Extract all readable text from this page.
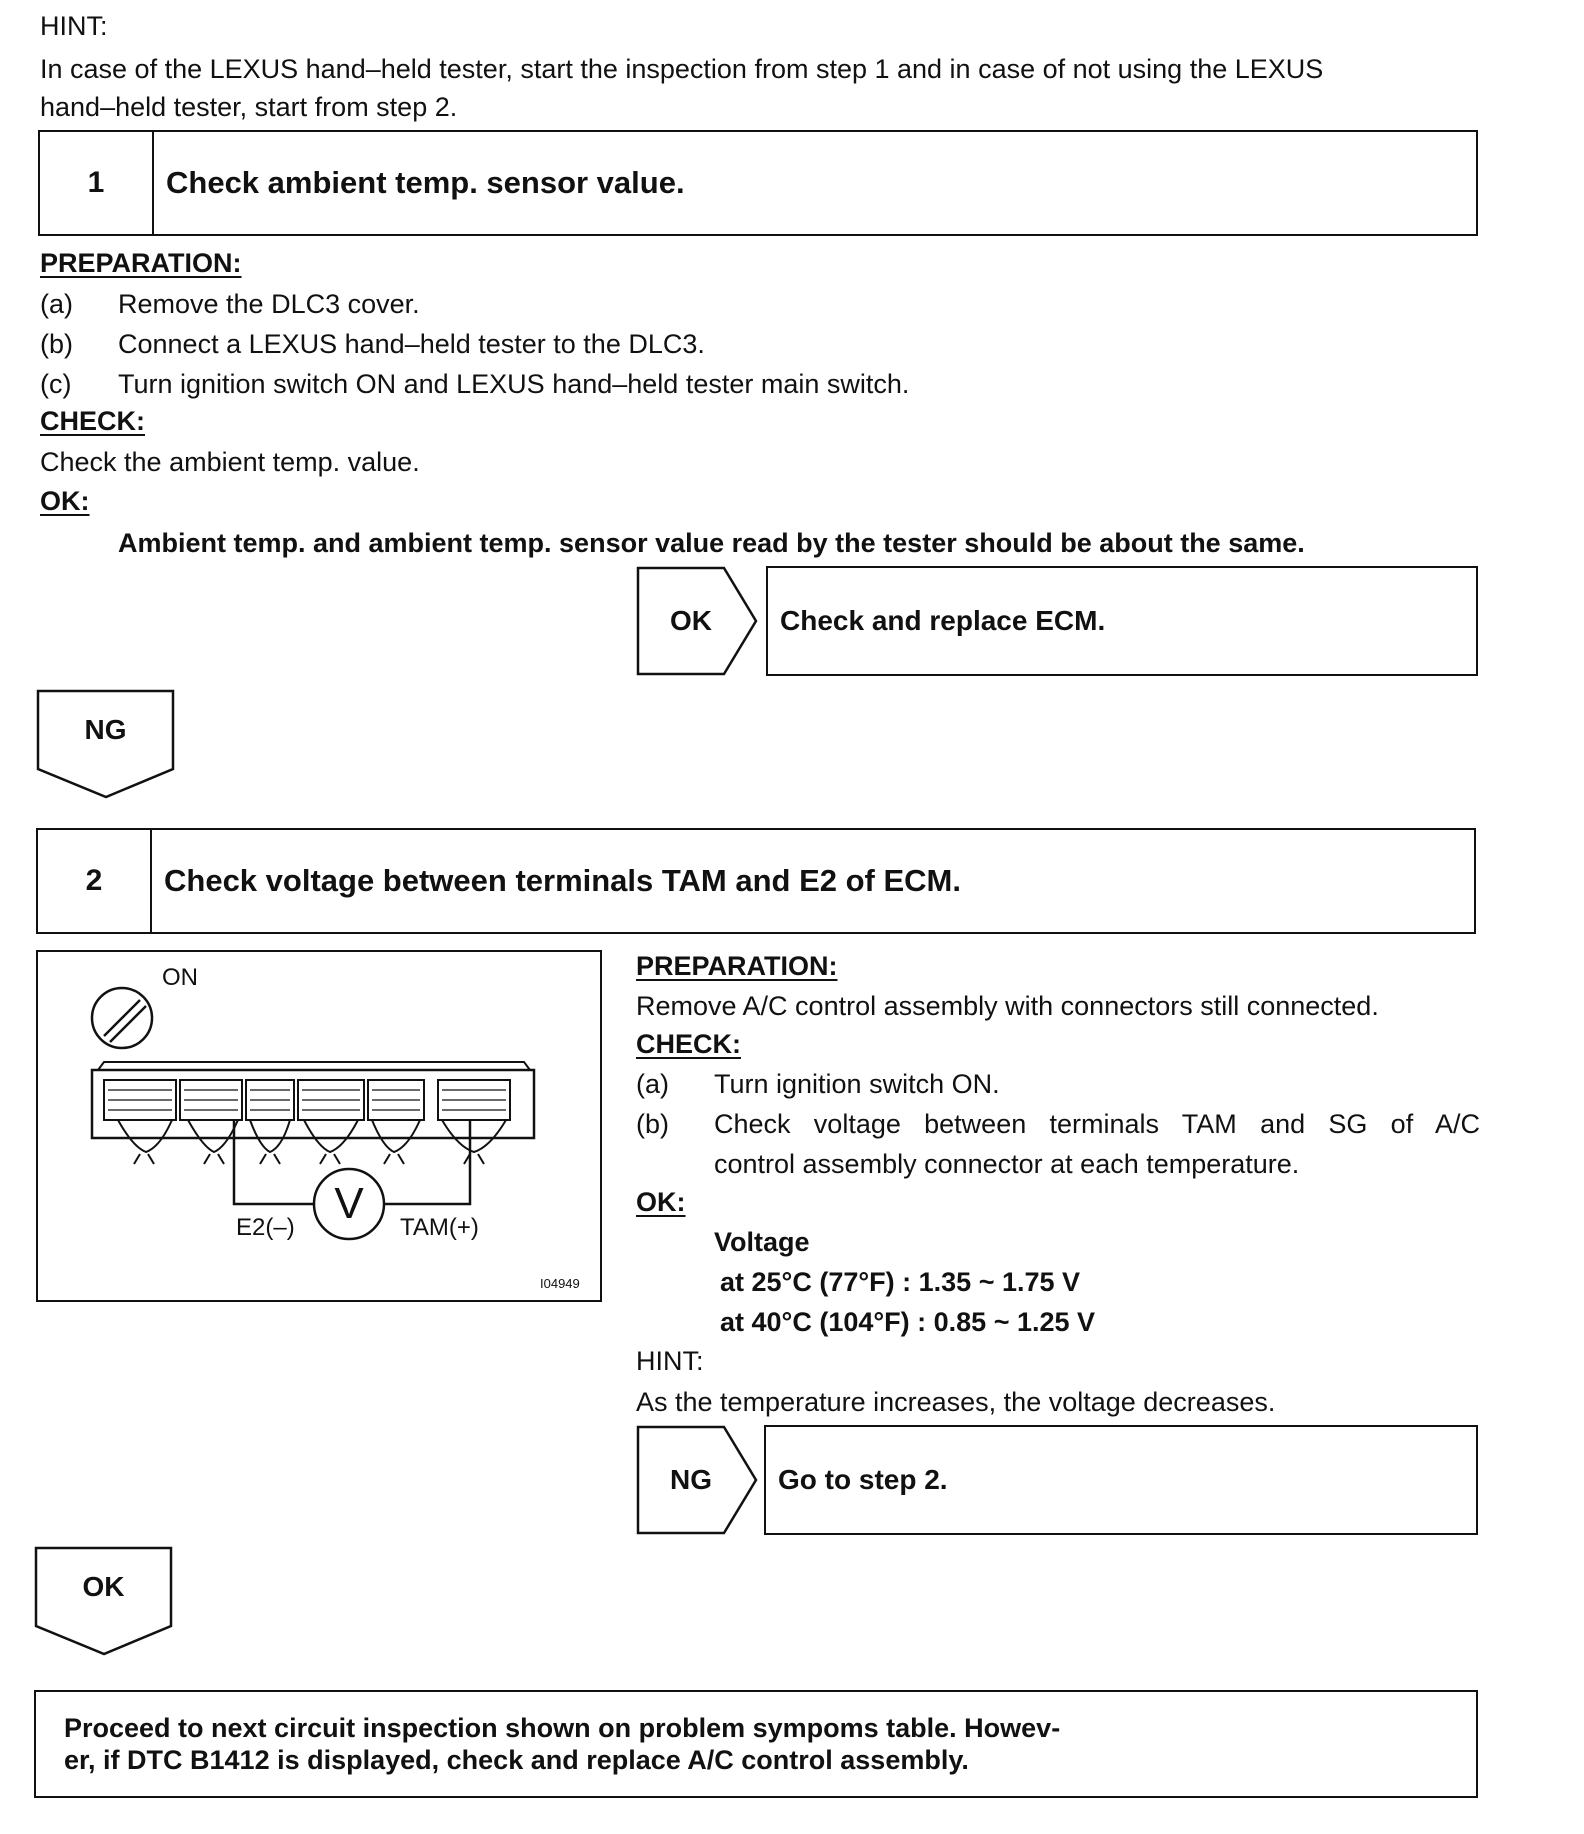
HINT:
In case of the LEXUS hand–held tester, start the inspection from step 1 and in case of not using the LEXUS
hand–held tester, start from step 2.
1	Check ambient temp. sensor value.
PREPARATION:
(a) Remove the DLC3 cover.
(b) Connect a LEXUS hand–held tester to the DLC3.
(c) Turn ignition switch ON and LEXUS hand–held tester main switch.
CHECK:
Check the ambient temp. value.
OK:
Ambient temp. and ambient temp. sensor value read by the tester should be about the same.
OK	Check and replace ECM.
NG
2	Check voltage between terminals TAM and E2 of ECM.
ON
V
E2(–)	TAM(+)
I04949
PREPARATION:
Remove A/C control assembly with connectors still connected.
CHECK:
(a) Turn ignition switch ON.
(b) Check voltage between terminals TAM and SG of A/C
control assembly connector at each temperature.
OK:
Voltage
at 25°C (77°F) : 1.35 ~ 1.75 V
at 40°C (104°F) : 0.85 ~ 1.25 V
HINT:
As the temperature increases, the voltage decreases.
NG	Go to step 2.
OK
Proceed to next circuit inspection shown on problem sympoms table. Howev-
er, if DTC B1412 is displayed, check and replace A/C control assembly.
